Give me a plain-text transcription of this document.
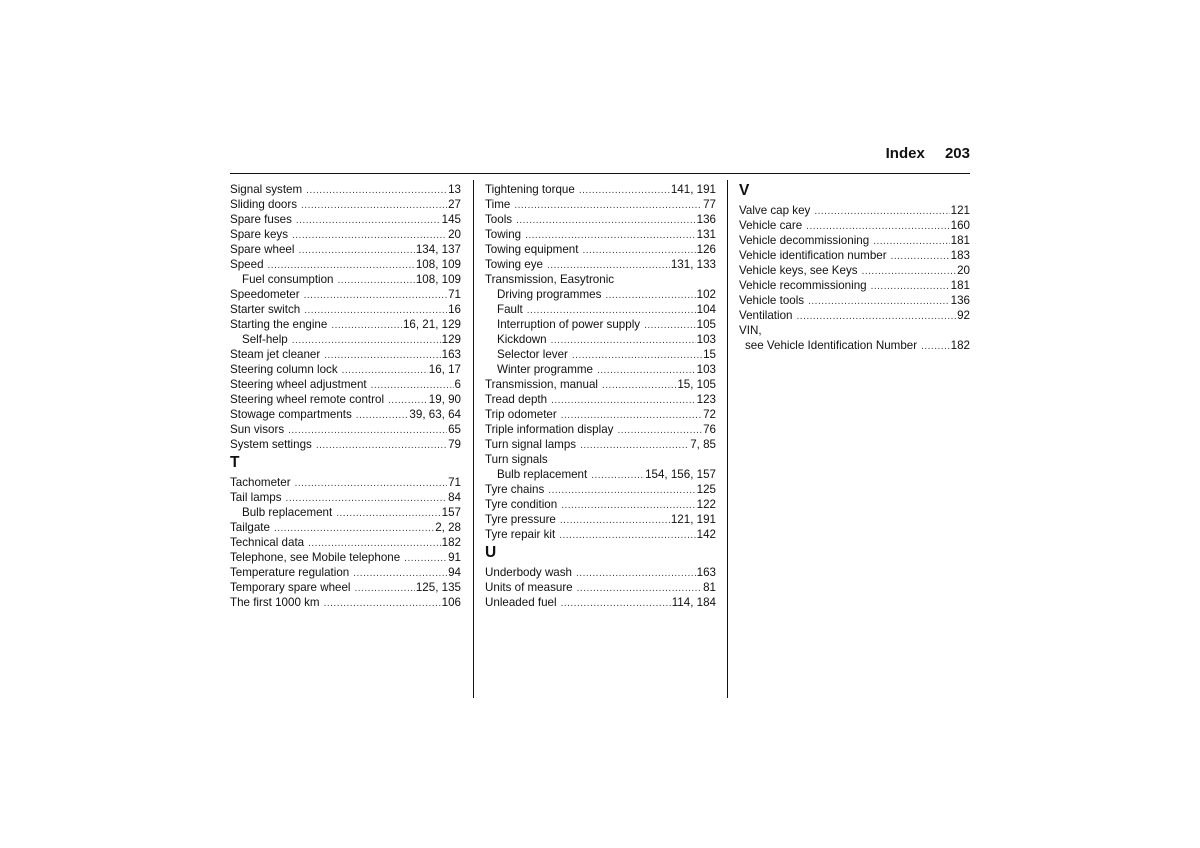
Index 203
Signal system .....	13
Sliding doors .....	27
Spare fuses .....	145
Spare keys .....	20
Spare wheel .....	134, 137
Speed .....	108, 109
Fuel consumption .....	108, 109
Speedometer .....	71
Starter switch .....	16
Starting the engine .....	16, 21, 129
Self-help .....	129
Steam jet cleaner .....	163
Steering column lock .....	16, 17
Steering wheel adjustment .....	6
Steering wheel remote control .....	19, 90
Stowage compartments .....	39, 63, 64
Sun visors .....	65
System settings .....	79
T
Tachometer .....	71
Tail lamps .....	84
Bulb replacement .....	157
Tailgate .....	2, 28
Technical data .....	182
Telephone, see Mobile telephone .....	91
Temperature regulation .....	94
Temporary spare wheel .....	125, 135
The first 1000 km .....	106
Tightening torque .....	141, 191
Time .....	77
Tools .....	136
Towing .....	131
Towing equipment .....	126
Towing eye .....	131, 133
Transmission, Easytronic
Driving programmes .....	102
Fault .....	104
Interruption of power supply .....	105
Kickdown .....	103
Selector lever .....	15
Winter programme .....	103
Transmission, manual .....	15, 105
Tread depth .....	123
Trip odometer .....	72
Triple information display .....	76
Turn signal lamps .....	7, 85
Turn signals
Bulb replacement .....	154, 156, 157
Tyre chains .....	125
Tyre condition .....	122
Tyre pressure .....	121, 191
Tyre repair kit .....	142
U
Underbody wash .....	163
Units of measure .....	81
Unleaded fuel .....	114, 184
V
Valve cap key .....	121
Vehicle care .....	160
Vehicle decommissioning .....	181
Vehicle identification number .....	183
Vehicle keys, see Keys .....	20
Vehicle recommissioning .....	181
Vehicle tools .....	136
Ventilation .....	92
VIN,
see Vehicle Identification Number .....	182
